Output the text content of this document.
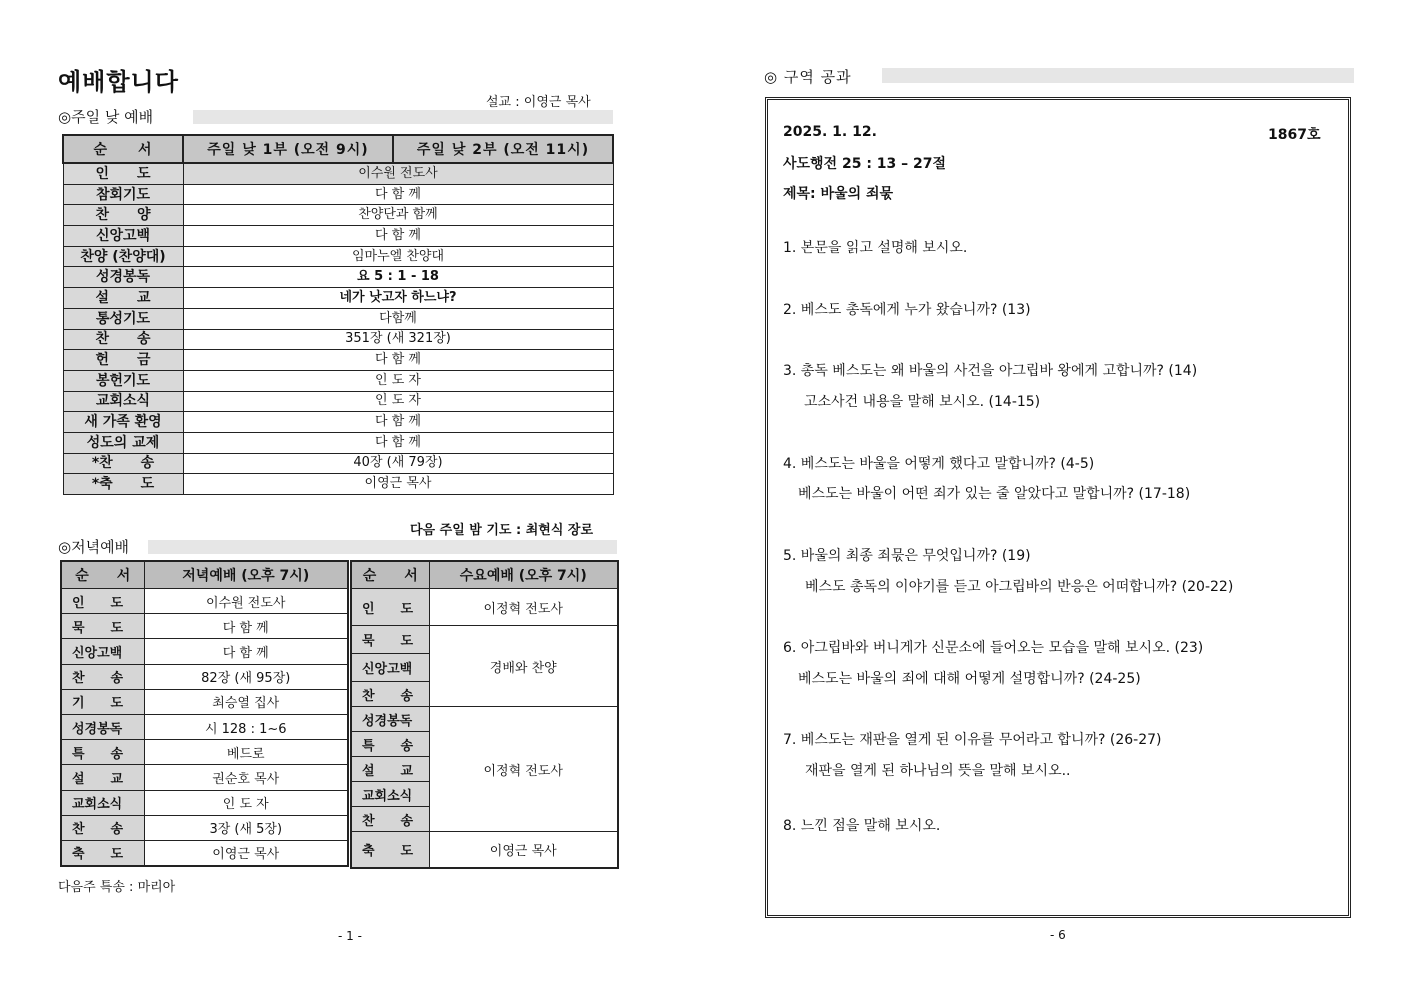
예배합니다
설교 : 이영근 목사
◎주일 낮 예배
순　　서	주일 낮 1부 (오전 9시)	주일 낮 2부 (오전 11시)
인　　도	이수원 전도사	
참회기도	다 함 께	
찬　　양	찬양단과 함께	
신앙고백	다 함 께	
찬양 (찬양대)	임마누엘 찬양대	
성경봉독	요 5 : 1 - 18	
설　　교	네가 낫고자 하느냐?	
통성기도	다함께	
찬　　송	351장 (새 321장)	
헌　　금	다 함 께	
봉헌기도	인 도 자	
교회소식	인 도 자	
새 가족 환영	다 함 께	
성도의 교제	다 함 께	
*찬　　송	40장 (새 79장)	
*축　　도	이영근 목사	
다음 주일 밤 기도 : 최현식 장로
◎저녁예배
순　　서	저녁예배 (오후 7시)
인　　도	이수원 전도사
묵　　도	다 함 께
신앙고백	다 함 께
찬　　송	82장 (새 95장)
기　　도	최승열 집사
성경봉독	시 128 : 1~6
특　　송	베드로
설　　교	권순호 목사
교회소식	인 도 자
찬　　송	3장 (새 5장)
축　　도	이영근 목사
순　　서	수요예배 (오후 7시)
인　　도	이정혁 전도사
묵　　도	경배와 찬양
신앙고백	
찬　　송	
성경봉독	이정혁 전도사
특　　송	
설　　교	
교회소식	
찬　　송	
축　　도	이영근 목사
다음주 특송 : 마리아
- 1 -
◎ 구역 공과
2025. 1. 12.	1867호
사도행전 25 : 13 – 27절
제목: 바울의 죄묷
1. 본문을 읽고 설명해 보시오.
2. 베스도 총독에게 누가 왔습니까? (13)
3. 총독 베스도는 왜 바울의 사건을 아그립바 왕에게 고합니까? (14)
고소사건 내용을 말해 보시오. (14-15)
4. 베스도는 바울을 어떻게 했다고 말합니까? (4-5)
베스도는 바울이 어떤 죄가 있는 줄 알았다고 말합니까? (17-18)
5. 바울의 최종 죄묷은 무엇입니까? (19)
베스도 총독의 이야기를 듣고 아그립바의 반응은 어떠합니까? (20-22)
6. 아그립바와 버니게가 신문소에 들어오는 모습을 말해 보시오. (23)
베스도는 바울의 죄에 대해 어떻게 설명합니까? (24-25)
7. 베스도는 재판을 열게 된 이유를 무어라고 합니까? (26-27)
재판을 열게 된 하나님의 뜻을 말해 보시오..
8. 느낀 점을 말해 보시오.
- 6
